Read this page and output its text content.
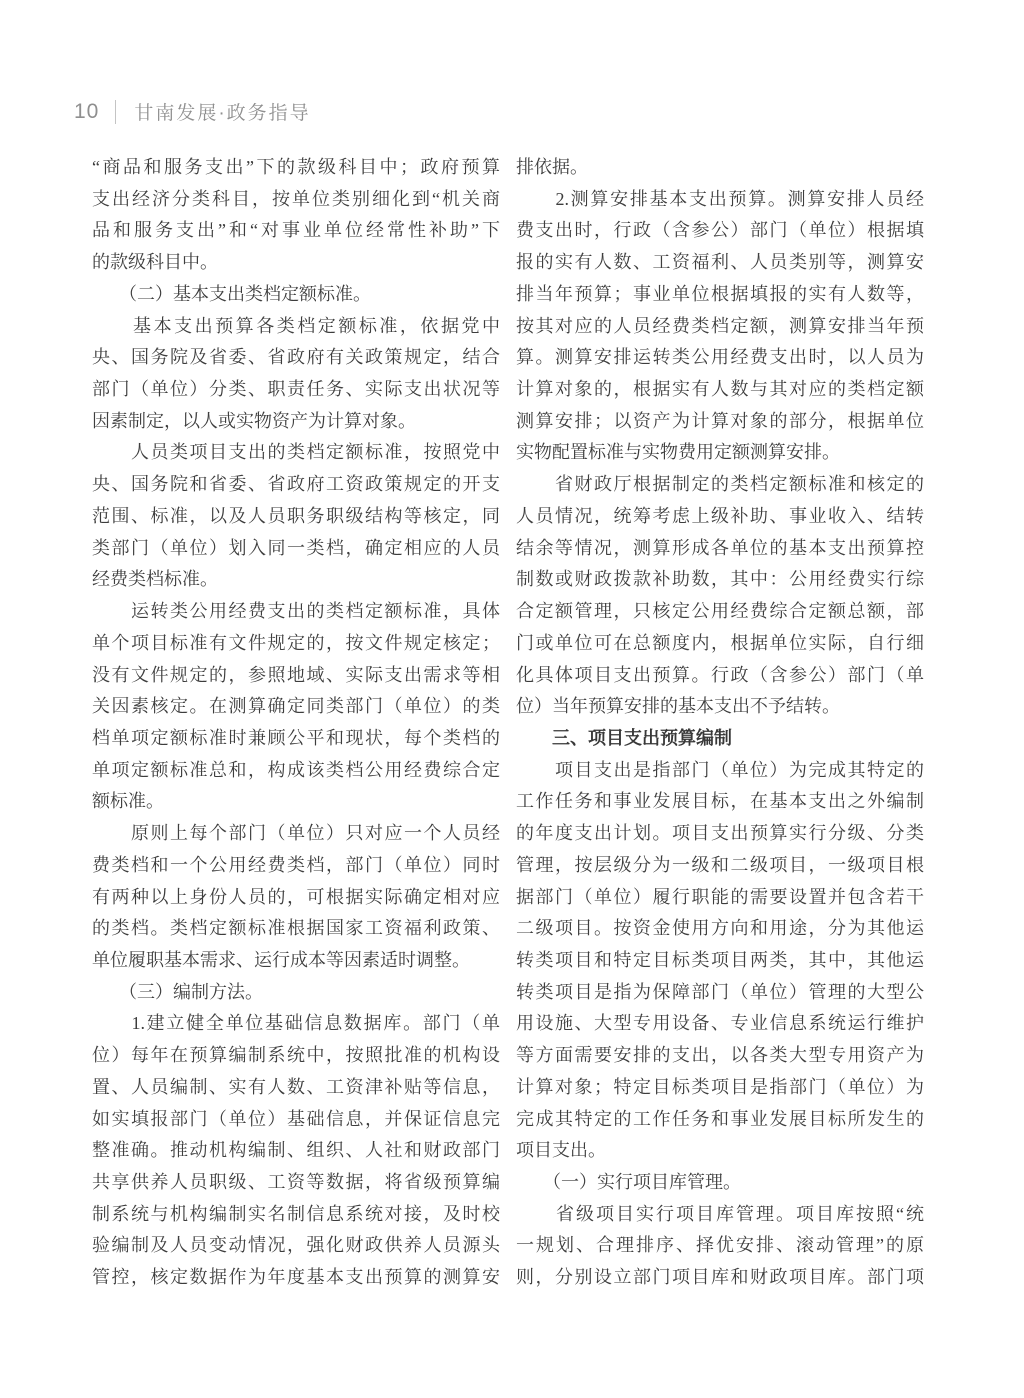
10 甘南发展·政务指导
“商品和服务支出”下的款级科目中；政府预算
支出经济分类科目，按单位类别细化到“机关商
品和服务支出”和“对事业单位经常性补助”下
的款级科目中。
　　（二）基本支出类档定额标准。
　　基本支出预算各类档定额标准，依据党中
央、国务院及省委、省政府有关政策规定，结合
部门（单位）分类、职责任务、实际支出状况等
因素制定，以人或实物资产为计算对象。
　　人员类项目支出的类档定额标准，按照党中
央、国务院和省委、省政府工资政策规定的开支
范围、标准，以及人员职务职级结构等核定，同
类部门（单位）划入同一类档，确定相应的人员
经费类档标准。
　　运转类公用经费支出的类档定额标准，具体
单个项目标准有文件规定的，按文件规定核定；
没有文件规定的，参照地域、实际支出需求等相
关因素核定。在测算确定同类部门（单位）的类
档单项定额标准时兼顾公平和现状，每个类档的
单项定额标准总和，构成该类档公用经费综合定
额标准。
　　原则上每个部门（单位）只对应一个人员经
费类档和一个公用经费类档，部门（单位）同时
有两种以上身份人员的，可根据实际确定相对应
的类档。类档定额标准根据国家工资福利政策、
单位履职基本需求、运行成本等因素适时调整。
　　（三）编制方法。
　　1.建立健全单位基础信息数据库。部门（单
位）每年在预算编制系统中，按照批准的机构设
置、人员编制、实有人数、工资津补贴等信息，
如实填报部门（单位）基础信息，并保证信息完
整准确。推动机构编制、组织、人社和财政部门
共享供养人员职级、工资等数据，将省级预算编
制系统与机构编制实名制信息系统对接，及时校
验编制及人员变动情况，强化财政供养人员源头
管控，核定数据作为年度基本支出预算的测算安
排依据。
　　2.测算安排基本支出预算。测算安排人员经
费支出时，行政（含参公）部门（单位）根据填
报的实有人数、工资福利、人员类别等，测算安
排当年预算；事业单位根据填报的实有人数等，
按其对应的人员经费类档定额，测算安排当年预
算。测算安排运转类公用经费支出时，以人员为
计算对象的，根据实有人数与其对应的类档定额
测算安排；以资产为计算对象的部分，根据单位
实物配置标准与实物费用定额测算安排。
　　省财政厅根据制定的类档定额标准和核定的
人员情况，统筹考虑上级补助、事业收入、结转
结余等情况，测算形成各单位的基本支出预算控
制数或财政拨款补助数，其中：公用经费实行综
合定额管理，只核定公用经费综合定额总额，部
门或单位可在总额度内，根据单位实际，自行细
化具体项目支出预算。行政（含参公）部门（单
位）当年预算安排的基本支出不予结转。
　　三、项目支出预算编制
　　项目支出是指部门（单位）为完成其特定的
工作任务和事业发展目标，在基本支出之外编制
的年度支出计划。项目支出预算实行分级、分类
管理，按层级分为一级和二级项目，一级项目根
据部门（单位）履行职能的需要设置并包含若干
二级项目。按资金使用方向和用途，分为其他运
转类项目和特定目标类项目两类，其中，其他运
转类项目是指为保障部门（单位）管理的大型公
用设施、大型专用设备、专业信息系统运行维护
等方面需要安排的支出，以各类大型专用资产为
计算对象；特定目标类项目是指部门（单位）为
完成其特定的工作任务和事业发展目标所发生的
项目支出。
　　（一）实行项目库管理。
　　省级项目实行项目库管理。项目库按照“统
一规划、合理排序、择优安排、滚动管理”的原
则，分别设立部门项目库和财政项目库。部门项
